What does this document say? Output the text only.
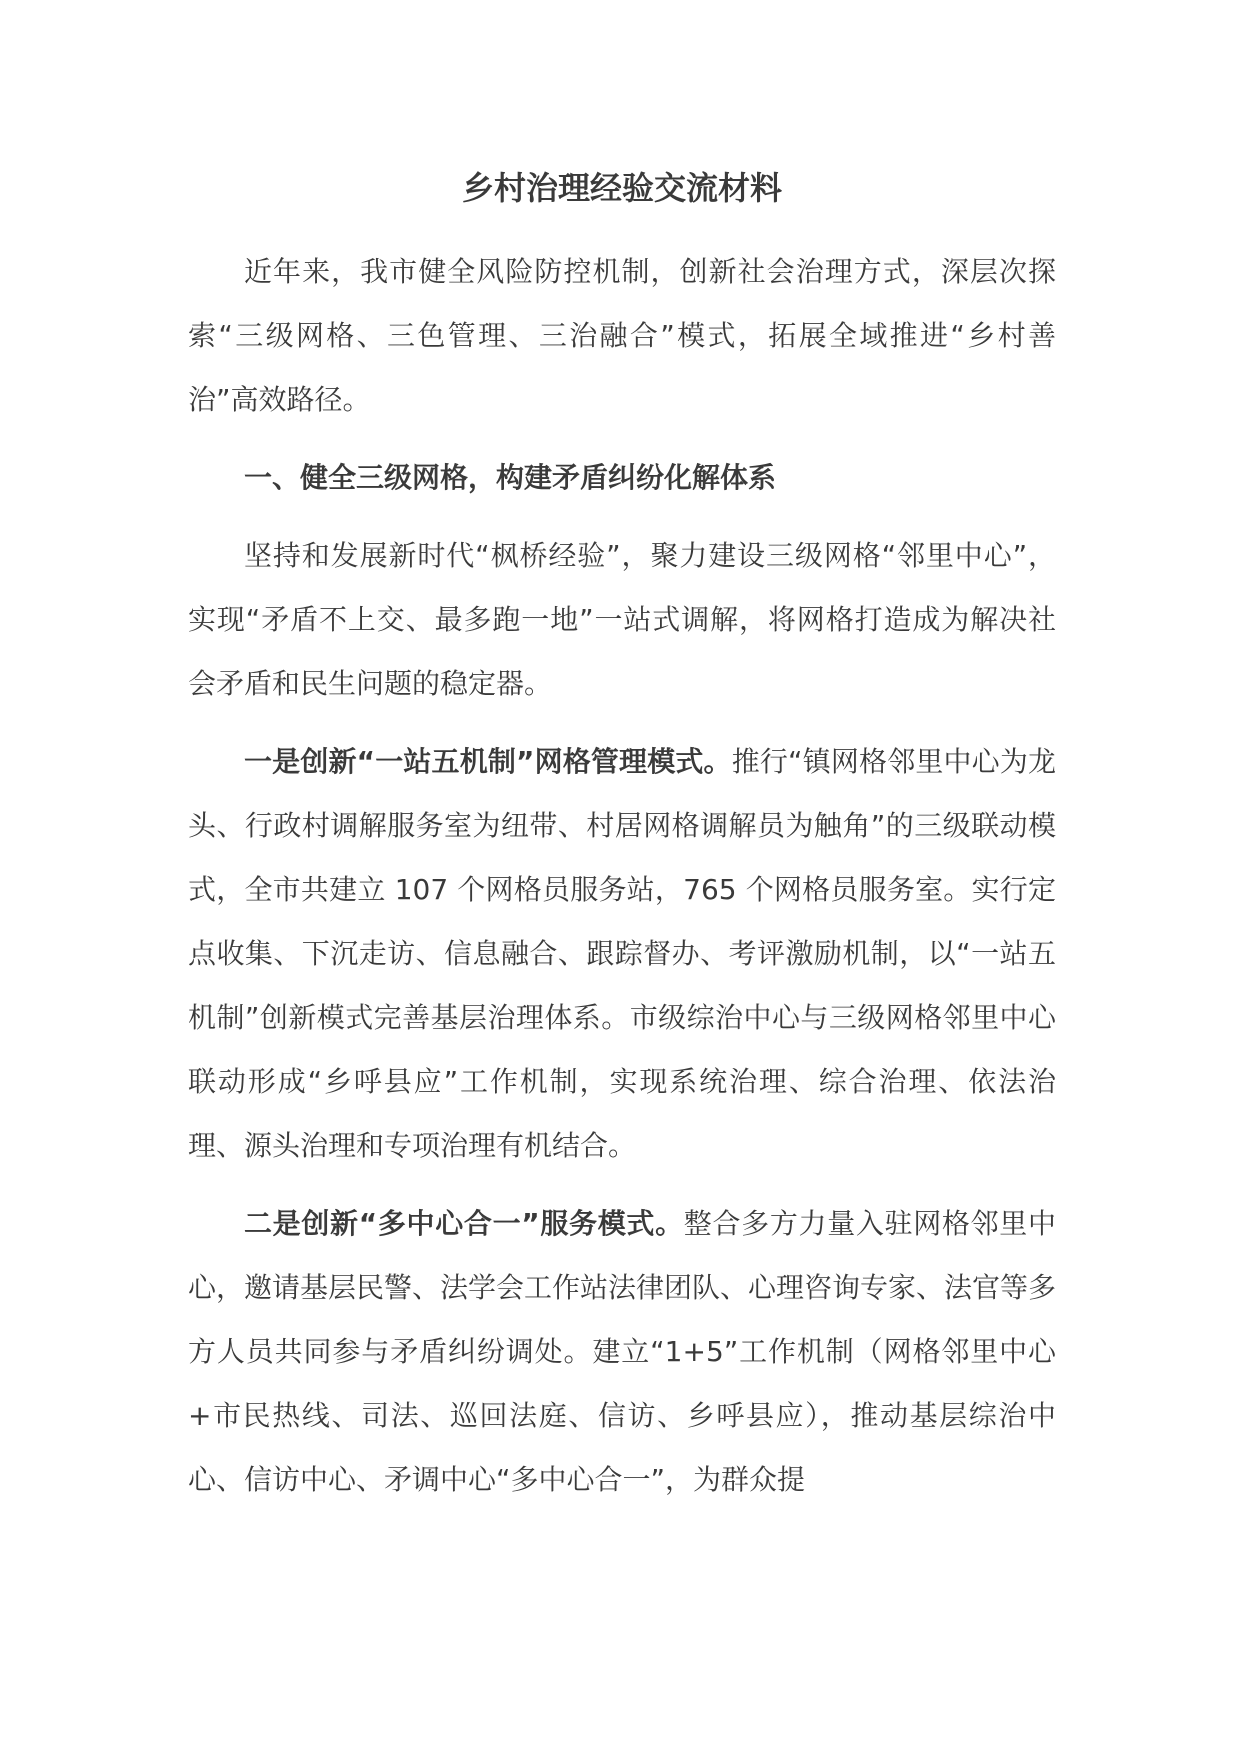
乡村治理经验交流材料

近年来，我市健全风险防控机制，创新社会治理方式，深层次探索“三级网格、三色管理、三治融合”模式，拓展全域推进“乡村善治”高效路径。

一、健全三级网格，构建矛盾纠纷化解体系

坚持和发展新时代“枫桥经验”，聚力建设三级网格“邻里中心”，实现“矛盾不上交、最多跑一地”一站式调解，将网格打造成为解决社会矛盾和民生问题的稳定器。

一是创新“一站五机制”网格管理模式。推行“镇网格邻里中心为龙头、行政村调解服务室为纽带、村居网格调解员为触角”的三级联动模式，全市共建立 107 个网格员服务站，765 个网格员服务室。实行定点收集、下沉走访、信息融合、跟踪督办、考评激励机制，以“一站五机制”创新模式完善基层治理体系。市级综治中心与三级网格邻里中心联动形成“乡呼县应”工作机制，实现系统治理、综合治理、依法治理、源头治理和专项治理有机结合。

二是创新“多中心合一”服务模式。整合多方力量入驻网格邻里中心，邀请基层民警、法学会工作站法律团队、心理咨询专家、法官等多方人员共同参与矛盾纠纷调处。建立“1+5”工作机制（网格邻里中心+市民热线、司法、巡回法庭、信访、乡呼县应），推动基层综治中心、信访中心、矛调中心“多中心合一”，为群众提
